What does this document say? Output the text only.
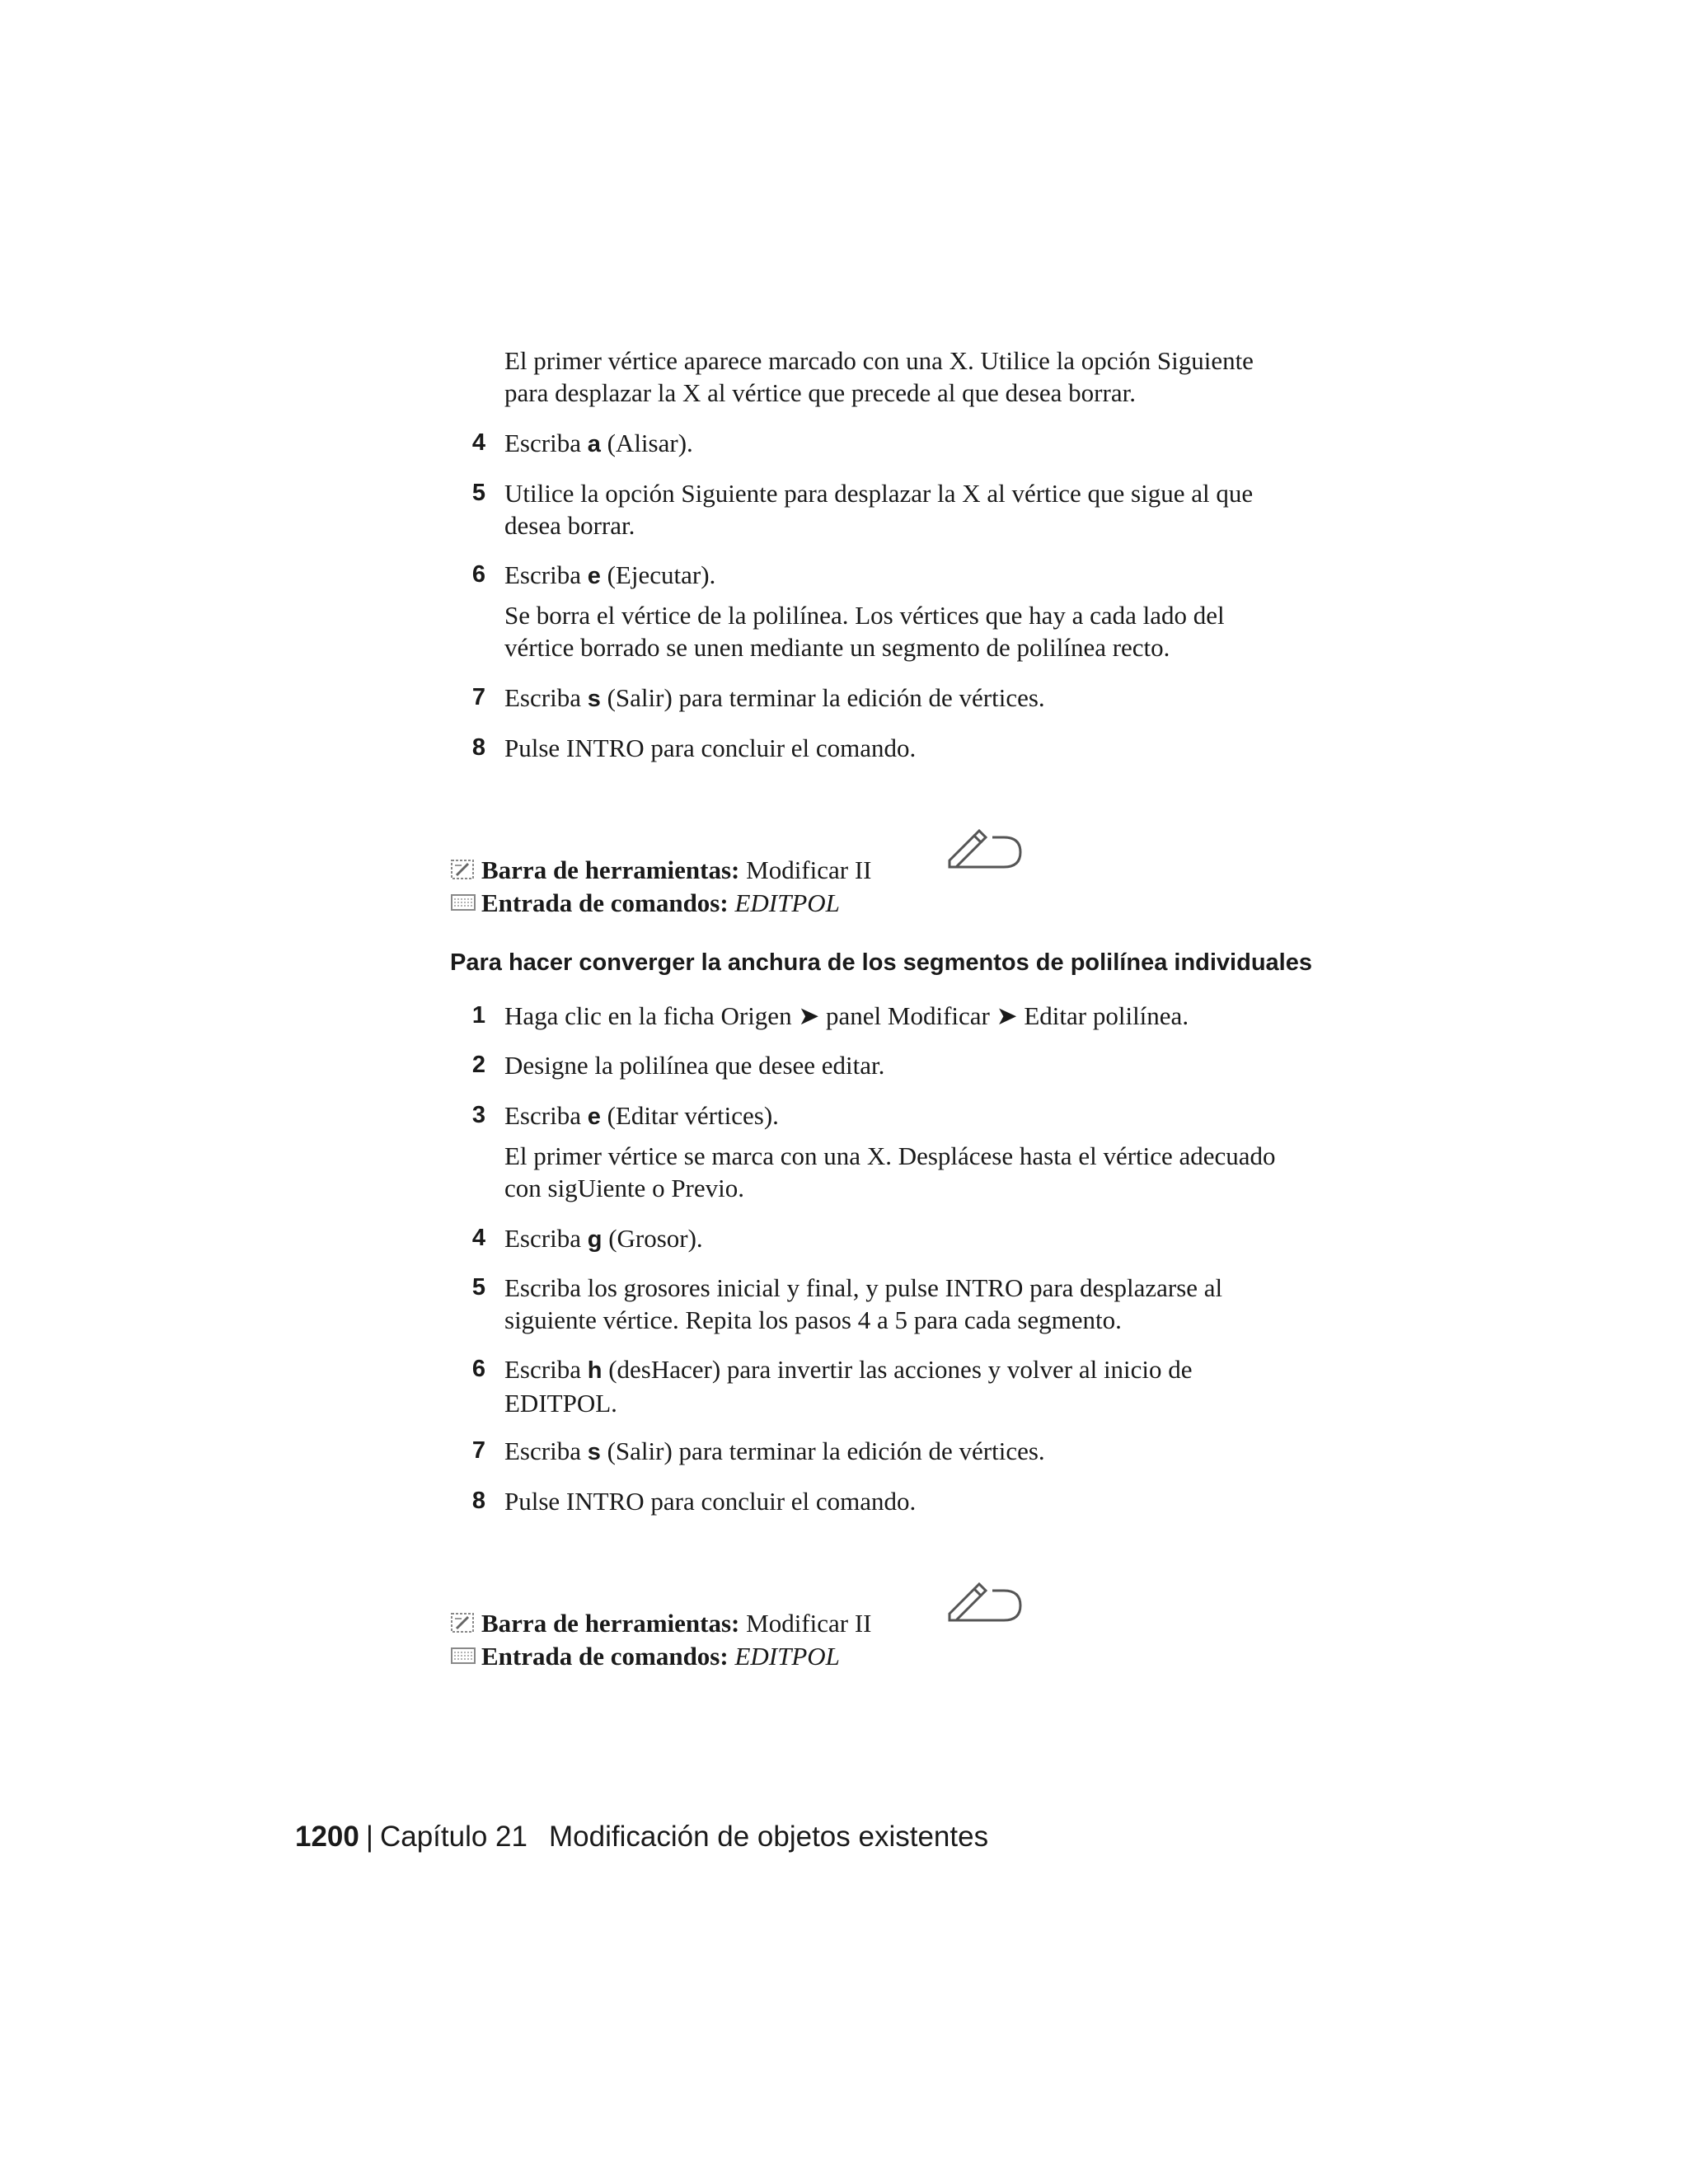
El primer vértice aparece marcado con una X. Utilice la opción Siguiente
para desplazar la X al vértice que precede al que desea borrar.

4 Escriba a (Alisar).
5 Utilice la opción Siguiente para desplazar la X al vértice que sigue al que
desea borrar.
6 Escriba e (Ejecutar).

Se borra el vértice de la polilínea. Los vértices que hay a cada lado del
vértice borrado se unen mediante un segmento de polilínea recto.

7 Escriba s (Salir) para terminar la edición de vértices.
8 Pulse INTRO para concluir el comando.
Barra de herramientas: Modificar II
Entrada de comandos: EDITPOL
Para hacer converger la anchura de los segmentos de polilínea individuales
1 Haga clic en la ficha Origen ➤ panel Modificar ➤ Editar polilínea.
2 Designe la polilínea que desee editar.
3 Escriba e (Editar vértices).

El primer vértice se marca con una X. Desplácese hasta el vértice adecuado
con sigUiente o Previo.

4 Escriba g (Grosor).
5 Escriba los grosores inicial y final, y pulse INTRO para desplazarse al
siguiente vértice. Repita los pasos 4 a 5 para cada segmento.
6 Escriba h (desHacer) para invertir las acciones y volver al inicio de
EDITPOL.
7 Escriba s (Salir) para terminar la edición de vértices.
8 Pulse INTRO para concluir el comando.
Barra de herramientas: Modificar II
Entrada de comandos: EDITPOL
1200 | Capítulo 21 Modificación de objetos existentes
